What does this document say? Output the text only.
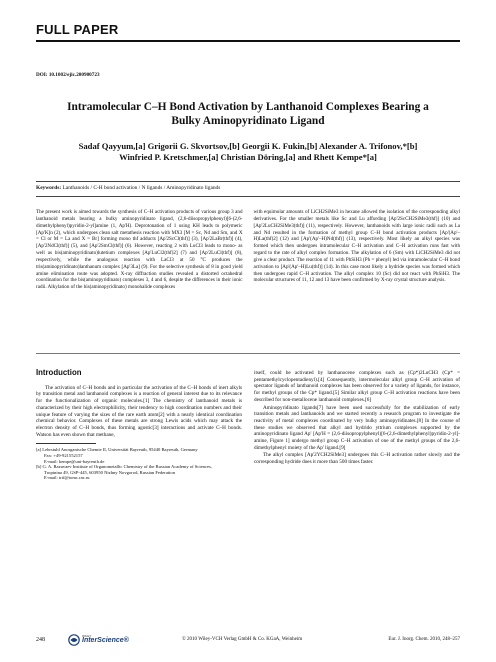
FULL PAPER
DOI: 10.1002/ejic.200900723
Intramolecular C–H Bond Activation by Lanthanoid Complexes Bearing a
Bulky Aminopyridinato Ligand
Sadaf Qayyum,[a] Grigorii G. Skvortsov,[b] Georgii K. Fukin,[b] Alexander A. Trifonov,*[b]
Winfried P. Kretschmer,[a] Christian Döring,[a] and Rhett Kempe*[a]
Keywords: Lanthanoids / C-H bond activation / N ligands / Aminopyridinato ligands
The present work is aimed towards the synthesis of C–H activation products of various group 3 and lanthanoid metals bearing a bulky aminopyridinato ligand, (2,6-diisopropylphenyl)[6-(2,6-dimethylphenyl)pyridin-2-yl]amine (1, Ap'H). Deprotonation of 1 using KH leads to polymeric [Ap'K]n (2), which undergoes clean salt metathesis reaction with MX3 [M = Sc, Nd and Sm, and X = Cl or M = La and X = Br] forming mono thf adducts [Ap'2ScCl(thf)] (3), [Ap'2LaBr(thf)] (4), [Ap'2NdCl(thf)] (5), and [Ap'2SmCl(thf)] (6). However, reacting 2 with LuCl3 leads to mono- as well as bis(aminopyridinato)lutetium complexes [Ap'LuCl2(thf)2] (7) and [Ap'2LuCl(thf)] (8), respectively, while the analogous reaction with LaCl3 at 50 °C produces the tris(aminopyridinato)lanthanum complex [Ap'3La] (9). For the selective synthesis of 8 in good yield amine elimination route was adopted. X-ray diffraction studies revealed a distorted octahedral coordination for the bis(aminopyridinato) complexes 3, 4 and 6, despite the differences in their ionic radii. Alkylation of the bis(aminopyridinato) monohalide complexes
with equimolar amounts of LiCH2SiMe3 in hexane allowed the isolation of the corresponding alkyl derivatives. For the smaller metals like Sc and Lu affording [Ap'2ScCH2SiMe3(thf)] (10) and [Ap'2LuCH2SiMe3(thf)] (11), respectively. However, lanthanoids with large ionic radii such as La and Nd resulted in the formation of methyl group C–H bond activation products [Ap'(Ap'–H)La(thf)2] (12) and [Ap'(Ap'–H)Nd(thf)] (13), respectively. Most likely an alkyl species was formed which then undergoes intramolecular C–H activation and C–H activation runs fast with regard to the rate of alkyl complex formation. The alkylation of 6 (Sm) with LiCH2SiMe3 did not give a clear product. The reaction of 11 with PhSiH3 (Ph = phenyl) led via intramolecular C–H bond activation to [Ap'(Ap'–H)Lu(thf)] (14). In this case most likely a hydride species was formed which then undergoes rapid C–H activation. The alkyl complex 10 (Sc) did not react with PhSiH3. The molecular structures of 11, 12 and 13 have been confirmed by X-ray crystal structure analysis.
Introduction

The activation of C–H bonds and in particular the activation of the C–H bonds of inert alkyls by transition metal and lanthanoid complexes is a reaction of general interest due to its relevance for the functionalization of organic molecules.[1] The chemistry of lanthanoid metals is characterized by their high electrophilicity, their tendency to high coordination numbers and their unique feature of varying the sizes of the rare earth atom[2] with a nearly identical coordination chemical behavior. Complexes of these metals are strong Lewis acids which may attack the electron density of C–H bonds, thus forming agostic[3] interactions and activate C–H bonds. Watson has even shown that methane,

[a] Lehrstuhl Anorganische Chemie II, Universität Bayreuth, 95440 Bayreuth, Germany
Fax: +49-921552157
E-mail: kempe@uni-bayreuth.de
[b] G. A. Razuvaev Institute of Organometallic Chemistry of the Russian Academy of Sciences,
Tropinina 49, GSP-445, 603950 Nizhny Novgorod, Russian Federation
E-mail: trif@iomc.ras.ru

itself, could be activated by lanthanocene complexes such as (Cp*)2LuCH3 (Cp* = pentamethylcyclopentadienyl).[4] Consequently, intermolecular alkyl group C–H activation of spectator ligands of lanthanoid complexes has been observed for a variety of ligands, for instance, for methyl groups of the Cp* ligand.[5] Similar alkyl group C–H activation reactions have been described for non-metallocene lanthanoid complexes.[6]

Aminopyridinato ligands[7] have been used successfully for the stabilization of early transition metals and lanthanoids and we started recently a research program to investigate the reactivity of metal complexes coordinated by very bulky aminopyridinates.[8] In the course of these studies we observed that alkyl and hydrido yttrium complexes supported by the aminopyridinato ligand Ap' [Ap'H = (2,6-diisopropylphenyl)[6-(2,6-dimethylphenyl)pyridin-2-yl]-amine, Figure 1] undergo methyl group C–H activation of one of the methyl groups of the 2,6-dimethylphenyl moiety of the Ap' ligand.[9]

The alkyl complex [Ap'2YCH2SiMe3] undergoes this C–H activation rather slowly and the corresponding hydride does it more than 500 times faster.

248
WILEY
InterScience®	© 2010 Wiley-VCH Verlag GmbH & Co. KGaA, Weinheim	Eur. J. Inorg. Chem. 2010, 248–257
